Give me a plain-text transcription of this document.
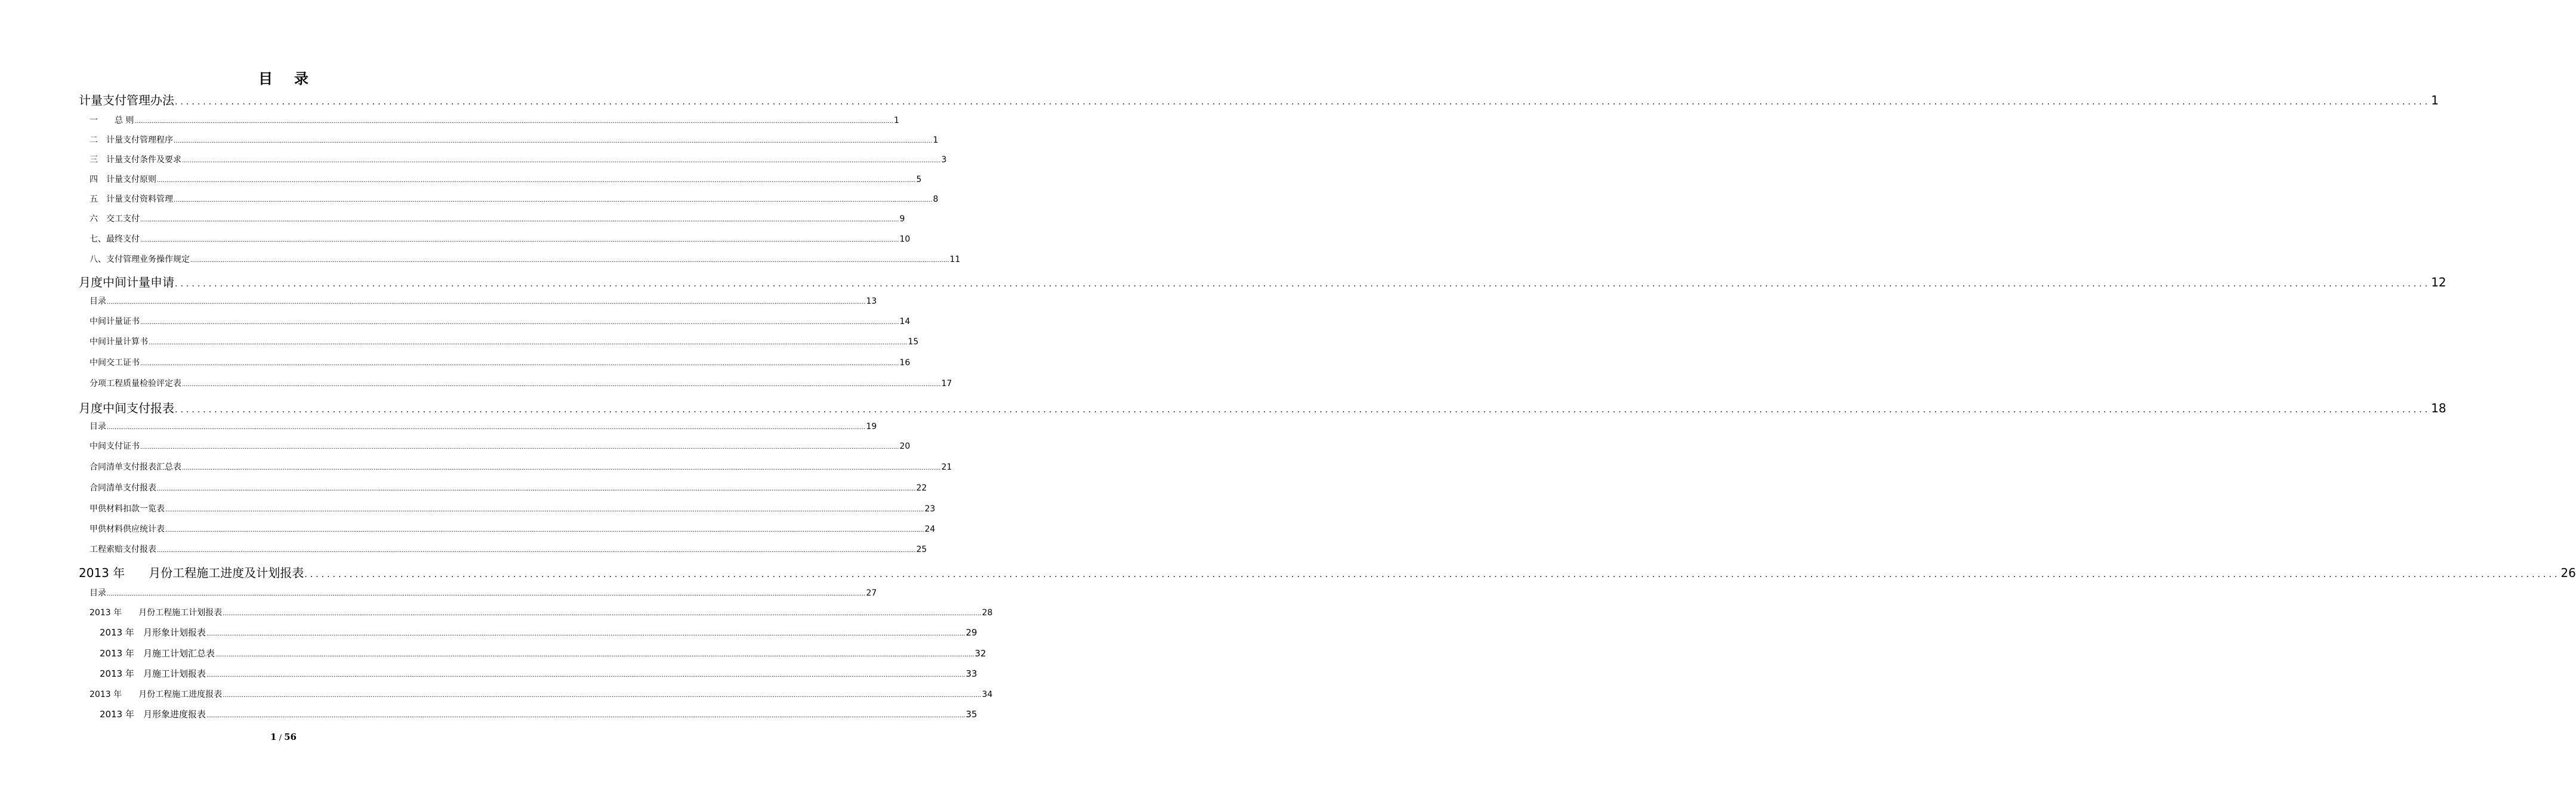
目 录
计量支付管理办法 ................................................................................................................................................................................................................................................................................................................................................................................................................ 1
一　　总 则 ................................................................................................................................................................................................................................................................................................................................................................................................................ 1
二　计量支付管理程序 ................................................................................................................................................................................................................................................................................................................................................................................................................ 1
三　计量支付条件及要求 ................................................................................................................................................................................................................................................................................................................................................................................................................ 3
四　计量支付原则 ................................................................................................................................................................................................................................................................................................................................................................................................................ 5
五　计量支付资料管理 ................................................................................................................................................................................................................................................................................................................................................................................................................ 8
六　交工支付 ................................................................................................................................................................................................................................................................................................................................................................................................................ 9
七、最终支付 ................................................................................................................................................................................................................................................................................................................................................................................................................ 10
八、支付管理业务操作规定 ................................................................................................................................................................................................................................................................................................................................................................................................................ 11
月度中间计量申请 ................................................................................................................................................................................................................................................................................................................................................................................................................ 12
目录 ................................................................................................................................................................................................................................................................................................................................................................................................................ 13
中间计量证书 ................................................................................................................................................................................................................................................................................................................................................................................................................ 14
中间计量计算书 ................................................................................................................................................................................................................................................................................................................................................................................................................ 15
中间交工证书 ................................................................................................................................................................................................................................................................................................................................................................................................................ 16
分项工程质量检验评定表 ................................................................................................................................................................................................................................................................................................................................................................................................................ 17
月度中间支付报表 ................................................................................................................................................................................................................................................................................................................................................................................................................ 18
目录 ................................................................................................................................................................................................................................................................................................................................................................................................................ 19
中间支付证书 ................................................................................................................................................................................................................................................................................................................................................................................................................ 20
合同清单支付报表汇总表 ................................................................................................................................................................................................................................................................................................................................................................................................................ 21
合同清单支付报表 ................................................................................................................................................................................................................................................................................................................................................................................................................ 22
甲供材料扣款一览表 ................................................................................................................................................................................................................................................................................................................................................................................................................ 23
甲供材料供应统计表 ................................................................................................................................................................................................................................................................................................................................................................................................................ 24
工程索赔支付报表 ................................................................................................................................................................................................................................................................................................................................................................................................................ 25
2013 年　　月份工程施工进度及计划报表 ................................................................................................................................................................................................................................................................................................................................................................................................................ 26
目录 ................................................................................................................................................................................................................................................................................................................................................................................................................ 27
2013 年　　月份工程施工计划报表 ................................................................................................................................................................................................................................................................................................................................................................................................................ 28
2013 年　月形象计划报表 ................................................................................................................................................................................................................................................................................................................................................................................................................ 29
2013 年　月施工计划汇总表 ................................................................................................................................................................................................................................................................................................................................................................................................................ 32
2013 年　月施工计划报表 ................................................................................................................................................................................................................................................................................................................................................................................................................ 33
2013 年　　月份工程施工进度报表 ................................................................................................................................................................................................................................................................................................................................................................................................................ 34
2013 年　月形象进度报表 ................................................................................................................................................................................................................................................................................................................................................................................................................ 35
1 / 56
